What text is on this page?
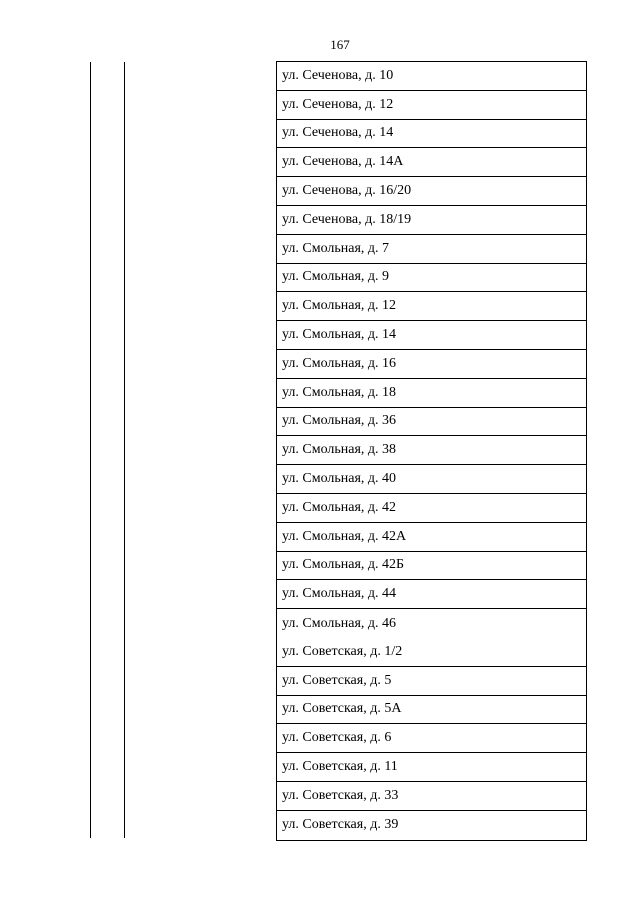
167
ул. Сеченова, д. 10
ул. Сеченова, д. 12
ул. Сеченова, д. 14
ул. Сеченова, д. 14А
ул. Сеченова, д. 16/20
ул. Сеченова, д. 18/19
ул. Смольная, д. 7
ул. Смольная, д. 9
ул. Смольная, д. 12
ул. Смольная, д. 14
ул. Смольная, д. 16
ул. Смольная, д. 18
ул. Смольная, д. 36
ул. Смольная, д. 38
ул. Смольная, д. 40
ул. Смольная, д. 42
ул. Смольная, д. 42А
ул. Смольная, д. 42Б
ул. Смольная, д. 44
ул. Смольная, д. 46
ул. Советская, д. 1/2
ул. Советская, д. 5
ул. Советская, д. 5А
ул. Советская, д. 6
ул. Советская, д. 11
ул. Советская, д. 33
ул. Советская, д. 39
